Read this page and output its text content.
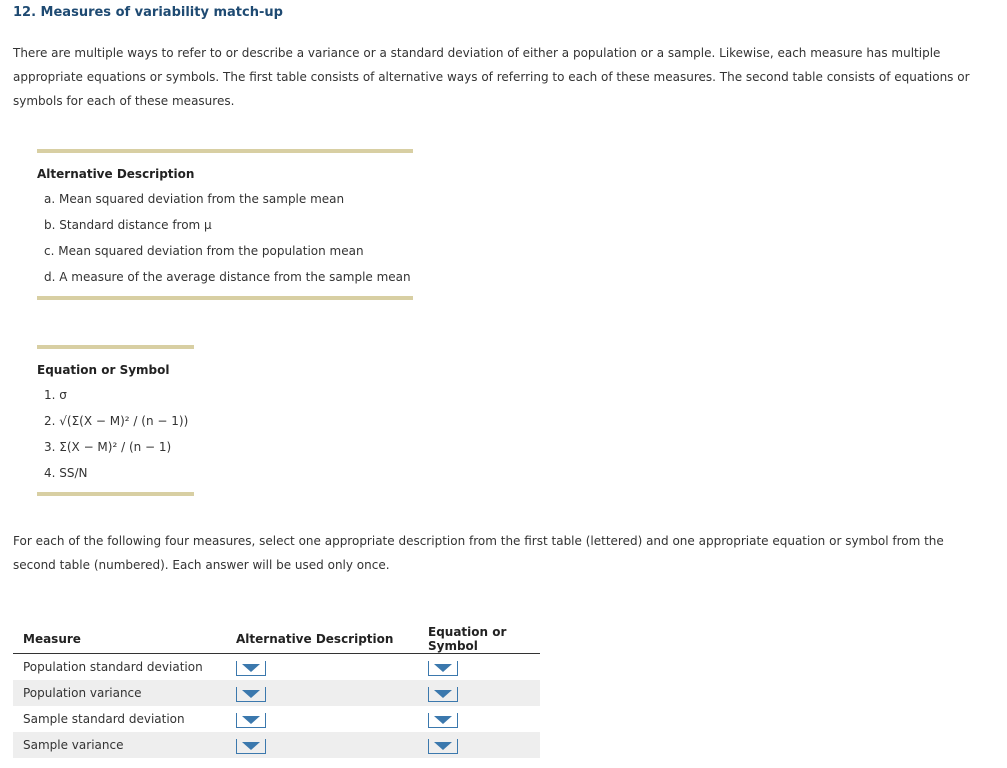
12. Measures of variability match-up
There are multiple ways to refer to or describe a variance or a standard deviation of either a population or a sample. Likewise, each measure has multiple appropriate equations or symbols. The first table consists of alternative ways of referring to each of these measures. The second table consists of equations or symbols for each of these measures.
Alternative Description
a. Mean squared deviation from the sample mean
b. Standard distance from μ
c. Mean squared deviation from the population mean
d. A measure of the average distance from the sample mean
Equation or Symbol
1. σ
2. √(Σ(X − M)² / (n − 1))
3. Σ(X − M)² / (n − 1)
4. SS/N
For each of the following four measures, select one appropriate description from the first table (lettered) and one appropriate equation or symbol from the second table (numbered). Each answer will be used only once.
Measure	Alternative Description	Equation or Symbol
Population standard deviation	

Population variance	

Sample standard deviation	

Sample variance	
